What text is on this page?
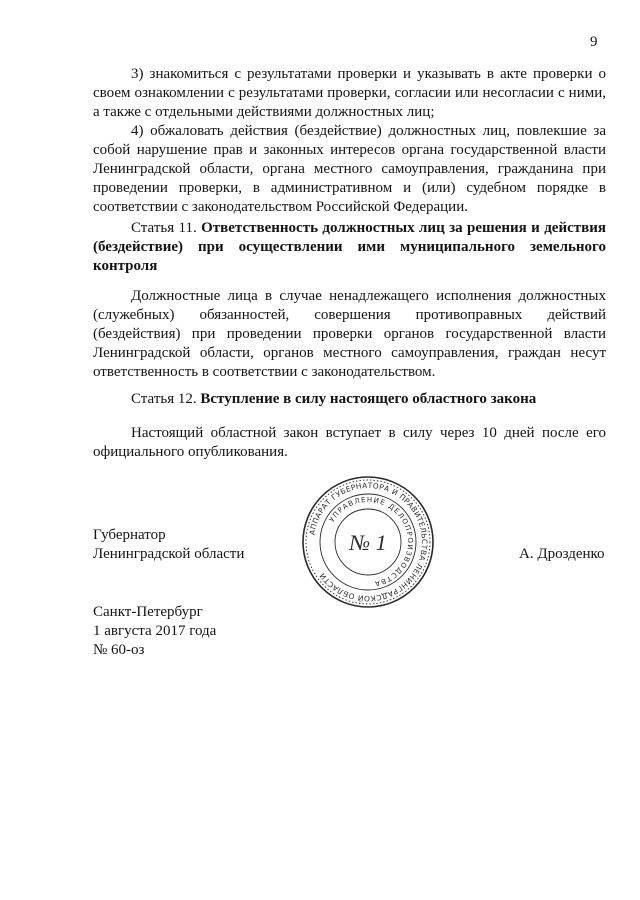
9

3) знакомиться с результатами проверки и указывать в акте проверки о своем ознакомлении с результатами проверки, согласии или несогласии с ними, а также с отдельными действиями должностных лиц;

4) обжаловать действия (бездействие) должностных лиц, повлекшие за собой нарушение прав и законных интересов органа государственной власти Ленинградской области, органа местного самоуправления, гражданина при проведении проверки, в административном и (или) судебном порядке в соответствии с законодательством Российской Федерации.

Статья 11. Ответственность должностных лиц за решения и действия (бездействие) при осуществлении ими муниципального земельного контроля

Должностные лица в случае ненадлежащего исполнения должностных (служебных) обязанностей, совершения противоправных действий (бездействия) при проведении проверки органов государственной власти Ленинградской области, органов местного самоуправления, граждан несут ответственность в соответствии с законодательством.

Статья 12. Вступление в силу настоящего областного закона

Настоящий областной закон вступает в силу через 10 дней после его официального опубликования.

Губернатор
Ленинградской области
АППАРАТ ГУБЕРНАТОРА И ПРАВИТЕЛЬСТВА ЛЕНИНГРАДСКОЙ ОБЛАСТИ
УПРАВЛЕНИЕ ДЕЛОПРОИЗВОДСТВА
№ 1	А. Дрозденко
Санкт-Петербург
1 августа 2017 года
№ 60-оз
